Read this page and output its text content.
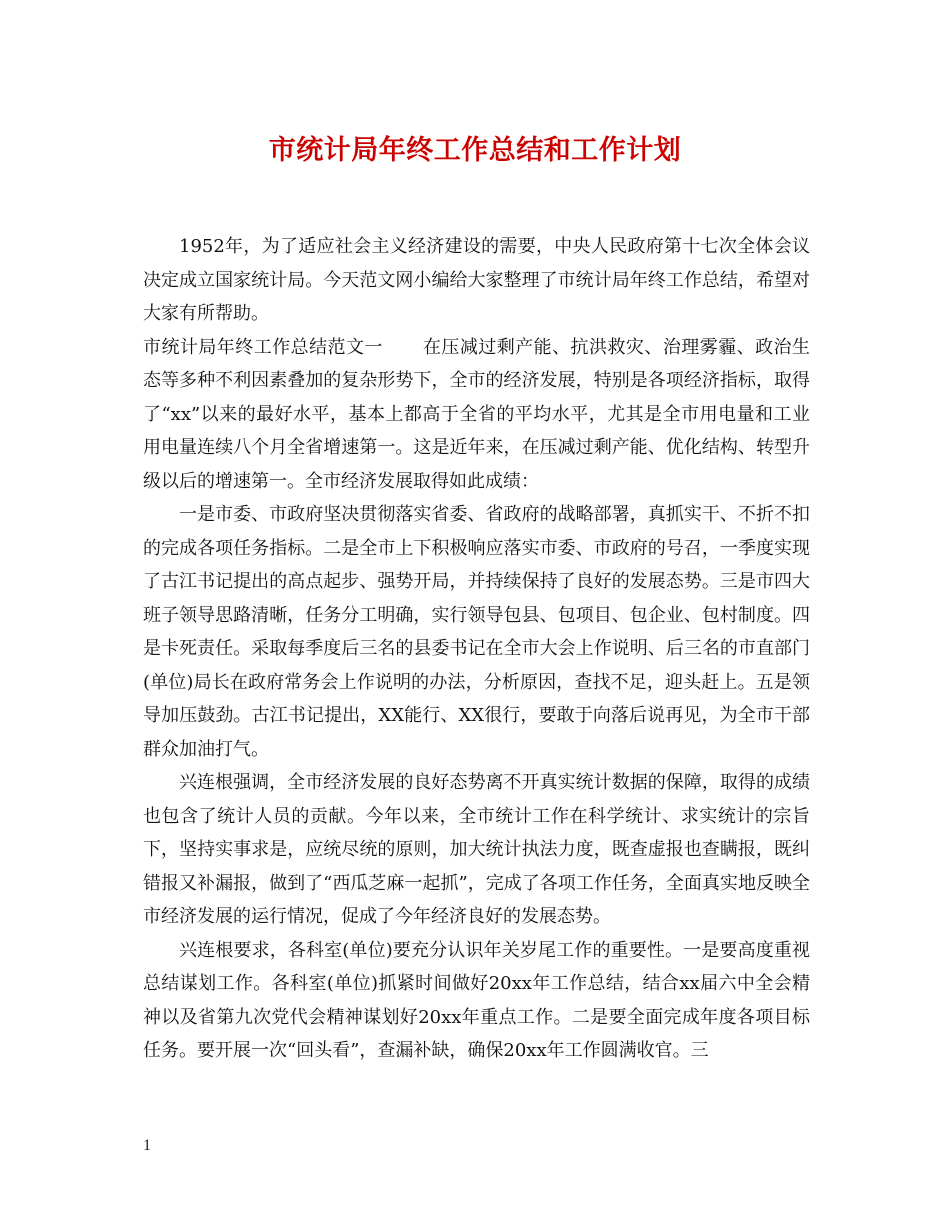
市统计局年终工作总结和工作计划

1952年，为了适应社会主义经济建设的需要，中央人民政府第十七次全体会议决定成立国家统计局。今天范文网小编给大家整理了市统计局年终工作总结，希望对大家有所帮助。

市统计局年终工作总结范文一 在压减过剩产能、抗洪救灾、治理雾霾、政治生态等多种不利因素叠加的复杂形势下，全市的经济发展，特别是各项经济指标，取得了“xx”以来的最好水平，基本上都高于全省的平均水平，尤其是全市用电量和工业用电量连续八个月全省增速第一。这是近年来，在压减过剩产能、优化结构、转型升级以后的增速第一。全市经济发展取得如此成绩：

一是市委、市政府坚决贯彻落实省委、省政府的战略部署，真抓实干、不折不扣的完成各项任务指标。二是全市上下积极响应落实市委、市政府的号召，一季度实现了古江书记提出的高点起步、强势开局，并持续保持了良好的发展态势。三是市四大班子领导思路清晰，任务分工明确，实行领导包县、包项目、包企业、包村制度。四是卡死责任。采取每季度后三名的县委书记在全市大会上作说明、后三名的市直部门(单位)局长在政府常务会上作说明的办法，分析原因，查找不足，迎头赶上。五是领导加压鼓劲。古江书记提出，XX能行、XX很行，要敢于向落后说再见，为全市干部群众加油打气。

兴连根强调，全市经济发展的良好态势离不开真实统计数据的保障，取得的成绩也包含了统计人员的贡献。今年以来，全市统计工作在科学统计、求实统计的宗旨下，坚持实事求是，应统尽统的原则，加大统计执法力度，既查虚报也查瞒报，既纠错报又补漏报，做到了“西瓜芝麻一起抓”，完成了各项工作任务，全面真实地反映全市经济发展的运行情况，促成了今年经济良好的发展态势。

兴连根要求，各科室(单位)要充分认识年关岁尾工作的重要性。一是要高度重视总结谋划工作。各科室(单位)抓紧时间做好20xx年工作总结，结合xx届六中全会精神以及省第九次党代会精神谋划好20xx年重点工作。二是要全面完成年度各项目标任务。要开展一次“回头看”，查漏补缺，确保20xx年工作圆满收官。三

1
